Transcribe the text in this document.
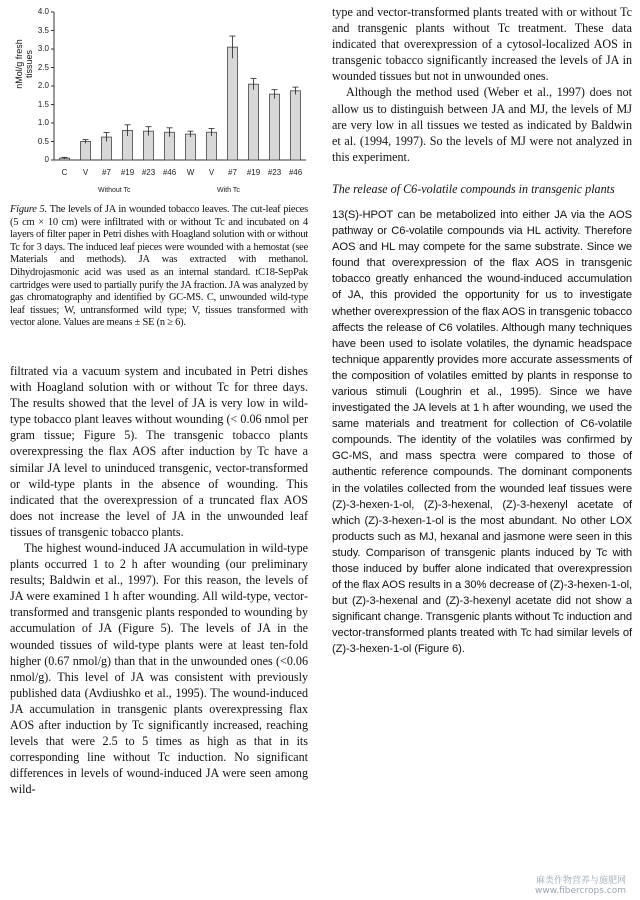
nMol/g fresh tissues
0
0.5
1.0
1.5
2.0
2.5
3.0
3.5
4.0
C	V	#7	#19 #23 #46	W	V	#7	#19 #23 #46
Without Tc	With Tc
Figure 5. The levels of JA in wounded tobacco leaves. The cut-leaf pieces (5 cm × 10 cm) were infiltrated with or without Tc and incubated on 4 layers of filter paper in Petri dishes with Hoagland solution with or without Tc for 3 days. The induced leaf pieces were wounded with a hemostat (see Materials and methods). JA was extracted with methanol. Dihydrojasmonic acid was used as an internal standard. tC18-SepPak cartridges were used to partially purify the JA fraction. JA was analyzed by gas chromatography and identified by GC-MS. C, unwounded wild-type leaf tissues; W, untransformed wild type; V, tissues transformed with vector alone. Values are means ± SE (n ≥ 6).

filtrated via a vacuum system and incubated in Petri dishes with Hoagland solution with or without Tc for three days. The results showed that the level of JA is very low in wild-type tobacco plant leaves without wounding (< 0.06 nmol per gram tissue; Figure 5). The transgenic tobacco plants overexpressing the flax AOS after induction by Tc have a similar JA level to uninduced transgenic, vector-transformed or wild-type plants in the absence of wounding. This indicated that the overexpression of a truncated flax AOS does not increase the level of JA in the unwounded leaf tissues of transgenic tobacco plants.

The highest wound-induced JA accumulation in wild-type plants occurred 1 to 2 h after wounding (our preliminary results; Baldwin et al., 1997). For this reason, the levels of JA were examined 1 h after wounding. All wild-type, vector-transformed and transgenic plants responded to wounding by accumulation of JA (Figure 5). The levels of JA in the wounded tissues of wild-type plants were at least ten-fold higher (0.67 nmol/g) than that in the unwounded ones (<0.06 nmol/g). This level of JA was consistent with previously published data (Avdiushko et al., 1995). The wound-induced JA accumulation in transgenic plants overexpressing flax AOS after induction by Tc significantly increased, reaching levels that were 2.5 to 5 times as high as that in its corresponding line without Tc induction. No significant differences in levels of wound-induced JA were seen among wild-

type and vector-transformed plants treated with or without Tc and transgenic plants without Tc treatment. These data indicated that overexpression of a cytosol-localized AOS in transgenic tobacco significantly increased the levels of JA in wounded tissues but not in unwounded ones.

Although the method used (Weber et al., 1997) does not allow us to distinguish between JA and MJ, the levels of MJ are very low in all tissues we tested as indicated by Baldwin et al. (1994, 1997). So the levels of MJ were not analyzed in this experiment.

The release of C6-volatile compounds in transgenic plants

13(S)-HPOT can be metabolized into either JA via the AOS pathway or C6-volatile compounds via HL activity. Therefore AOS and HL may compete for the same substrate. Since we found that overexpression of the flax AOS in transgenic tobacco greatly enhanced the wound-induced accumulation of JA, this provided the opportunity for us to investigate whether overexpression of the flax AOS in transgenic tobacco affects the release of C6 volatiles. Although many techniques have been used to isolate volatiles, the dynamic headspace technique apparently provides more accurate assessments of the composition of volatiles emitted by plants in response to various stimuli (Loughrin et al., 1995). Since we have investigated the JA levels at 1 h after wounding, we used the same materials and treatment for collection of C6-volatile compounds. The identity of the volatiles was confirmed by GC-MS, and mass spectra were compared to those of authentic reference compounds. The dominant components in the volatiles collected from the wounded leaf tissues were (Z)-3-hexen-1-ol, (Z)-3-hexenal, (Z)-3-hexenyl acetate of which (Z)-3-hexen-1-ol is the most abundant. No other LOX products such as MJ, hexanal and jasmone were seen in this study. Comparison of transgenic plants induced by Tc with those induced by buffer alone indicated that overexpression of the flax AOS results in a 30% decrease of (Z)-3-hexen-1-ol, but (Z)-3-hexenal and (Z)-3-hexenyl acetate did not show a significant change. Transgenic plants without Tc induction and vector-transformed plants treated with Tc had similar levels of (Z)-3-hexen-1-ol (Figure 6).

麻类作物营养与施肥网
www.fibercrops.com
